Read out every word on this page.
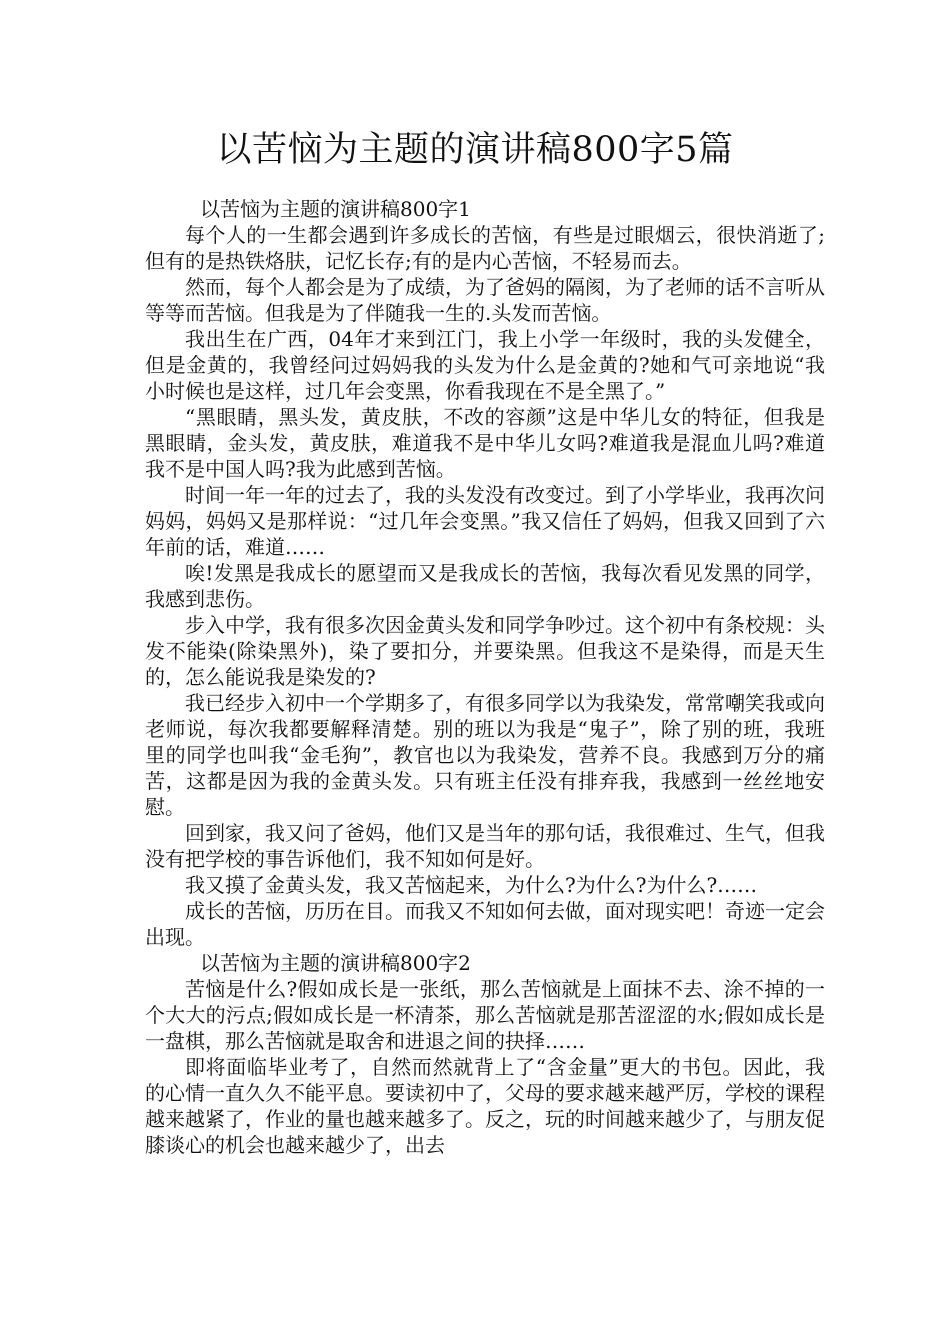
以苦恼为主题的演讲稿800字5篇

以苦恼为主题的演讲稿800字1

每个人的一生都会遇到许多成长的苦恼，有些是过眼烟云，很快消逝了;但有的是热铁烙肤，记忆长存;有的是内心苦恼，不轻易而去。

然而，每个人都会是为了成绩，为了爸妈的隔阂，为了老师的话不言听从等等而苦恼。但我是为了伴随我一生的.头发而苦恼。

我出生在广西，04年才来到江门，我上小学一年级时，我的头发健全，但是金黄的，我曾经问过妈妈我的头发为什么是金黄的?她和气可亲地说“我小时候也是这样，过几年会变黑，你看我现在不是全黑了。”

“黑眼睛，黑头发，黄皮肤，不改的容颜”这是中华儿女的特征，但我是黑眼睛，金头发，黄皮肤，难道我不是中华儿女吗?难道我是混血儿吗?难道我不是中国人吗?我为此感到苦恼。

时间一年一年的过去了，我的头发没有改变过。到了小学毕业，我再次问妈妈，妈妈又是那样说：“过几年会变黑。”我又信任了妈妈，但我又回到了六年前的话，难道……

唉!发黑是我成长的愿望而又是我成长的苦恼，我每次看见发黑的同学，我感到悲伤。

步入中学，我有很多次因金黄头发和同学争吵过。这个初中有条校规：头发不能染(除染黑外)，染了要扣分，并要染黑。但我这不是染得，而是天生的，怎么能说我是染发的?

我已经步入初中一个学期多了，有很多同学以为我染发，常常嘲笑我或向老师说，每次我都要解释清楚。别的班以为我是“鬼子”，除了别的班，我班里的同学也叫我“金毛狗”，教官也以为我染发，营养不良。我感到万分的痛苦，这都是因为我的金黄头发。只有班主任没有排弃我，我感到一丝丝地安慰。

回到家，我又问了爸妈，他们又是当年的那句话，我很难过、生气，但我没有把学校的事告诉他们，我不知如何是好。

我又摸了金黄头发，我又苦恼起来，为什么?为什么?为什么?……

成长的苦恼，历历在目。而我又不知如何去做，面对现实吧！奇迹一定会出现。

以苦恼为主题的演讲稿800字2

苦恼是什么?假如成长是一张纸，那么苦恼就是上面抹不去、涂不掉的一个大大的污点;假如成长是一杯清茶，那么苦恼就是那苦涩涩的水;假如成长是一盘棋，那么苦恼就是取舍和进退之间的抉择……

即将面临毕业考了，自然而然就背上了“含金量”更大的书包。因此，我的心情一直久久不能平息。要读初中了，父母的要求越来越严厉，学校的课程越来越紧了，作业的量也越来越多了。反之，玩的时间越来越少了，与朋友促膝谈心的机会也越来越少了，出去
